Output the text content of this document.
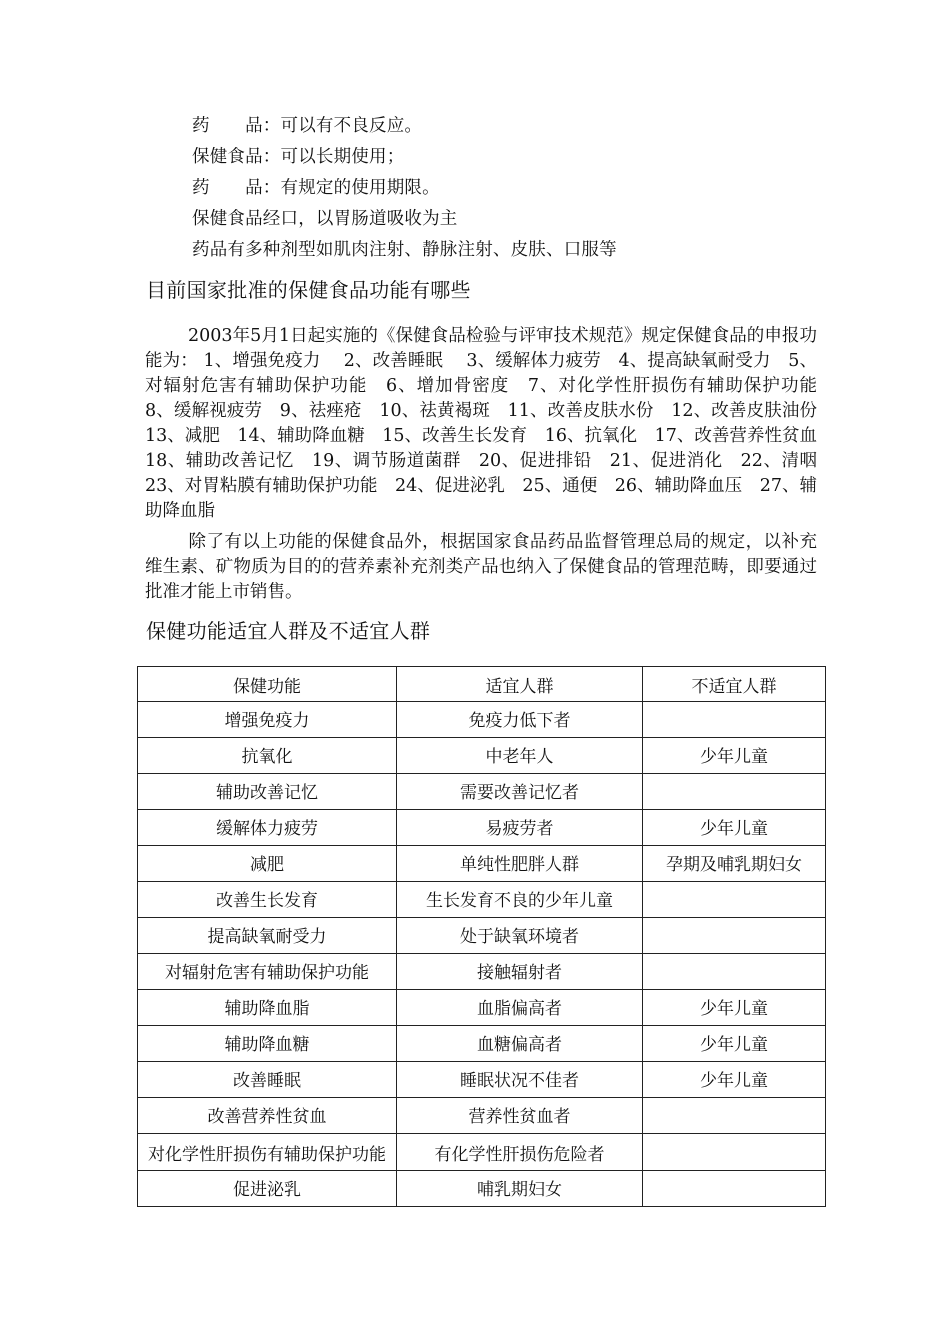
药　　品：可以有不良反应。
保健食品：可以长期使用；
药　　品：有规定的使用期限。
保健食品经口，以胃肠道吸收为主
药品有多种剂型如肌肉注射、静脉注射、皮肤、口服等
目前国家批准的保健食品功能有哪些
2003年5月1日起实施的《保健食品检验与评审技术规范》规定保健食品的申报功能为： 1、增强免疫力　 2、改善睡眠　 3、缓解体力疲劳　4、提高缺氧耐受力　5、对辐射危害有辅助保护功能　6、增加骨密度　7、对化学性肝损伤有辅助保护功能　8、缓解视疲劳　9、祛痤疮　10、祛黄褐斑　11、改善皮肤水份　12、改善皮肤油份　13、减肥　14、辅助降血糖　15、改善生长发育　16、抗氧化　17、改善营养性贫血　18、辅助改善记忆　19、调节肠道菌群　20、促进排铅　21、促进消化　22、清咽　23、对胃粘膜有辅助保护功能　24、促进泌乳　25、通便　26、辅助降血压　27、辅助降血脂
除了有以上功能的保健食品外，根据国家食品药品监督管理总局的规定，以补充维生素、矿物质为目的的营养素补充剂类产品也纳入了保健食品的管理范畴，即要通过批准才能上市销售。
保健功能适宜人群及不适宜人群
保健功能	适宜人群	不适宜人群
增强免疫力	免疫力低下者	
抗氧化	中老年人	少年儿童
辅助改善记忆	需要改善记忆者	
缓解体力疲劳	易疲劳者	少年儿童
减肥	单纯性肥胖人群	孕期及哺乳期妇女
改善生长发育	生长发育不良的少年儿童	
提高缺氧耐受力	处于缺氧环境者	
对辐射危害有辅助保护功能	接触辐射者	
辅助降血脂	血脂偏高者	少年儿童
辅助降血糖	血糖偏高者	少年儿童
改善睡眠	睡眠状况不佳者	少年儿童
改善营养性贫血	营养性贫血者	
对化学性肝损伤有辅助保护功能	有化学性肝损伤危险者	
促进泌乳	哺乳期妇女	
